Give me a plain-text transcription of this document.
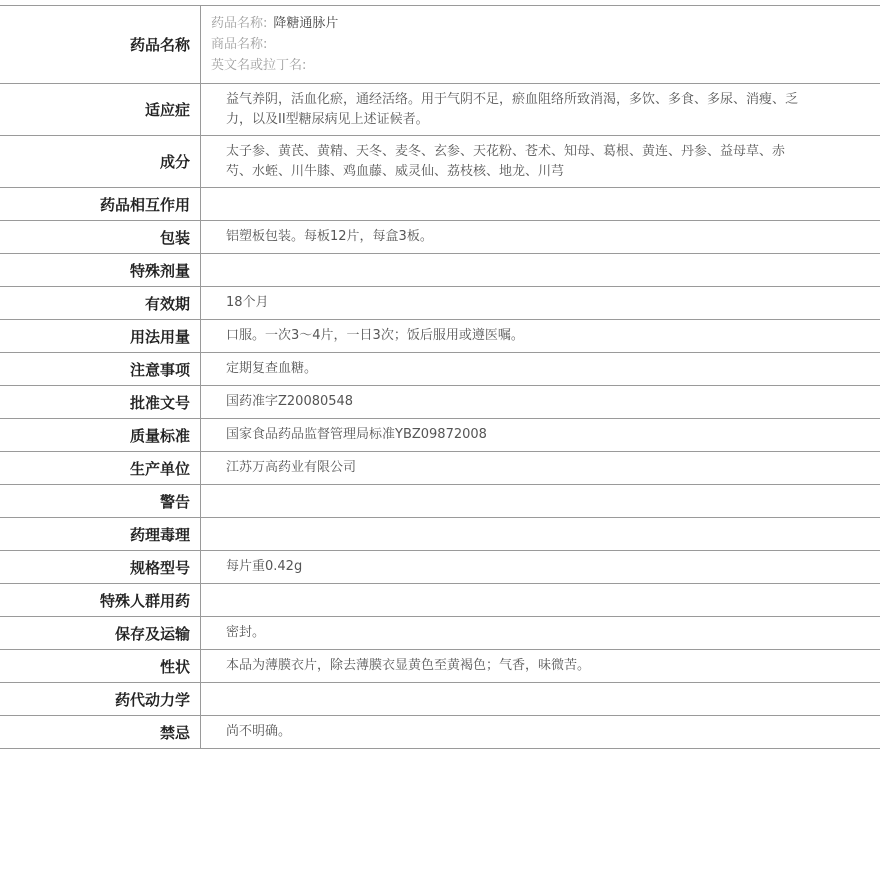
药品名称	药品名称: 降糖通脉片
商品名称:
英文名或拉丁名:

适应症	益气养阴，活血化瘀，通经活络。用于气阴不足，瘀血阻络所致消渴，多饮、多食、多尿、消瘦、乏力，以及II型糖尿病见上述证候者。
成分	太子参、黄芪、黄精、天冬、麦冬、玄参、天花粉、苍术、知母、葛根、黄连、丹参、益母草、赤芍、水蛭、川牛膝、鸡血藤、威灵仙、荔枝核、地龙、川芎
药品相互作用	
包装	铝塑板包装。每板12片，每盒3板。
特殊剂量	
有效期	18个月
用法用量	口服。一次3～4片，一日3次；饭后服用或遵医嘱。
注意事项	定期复查血糖。
批准文号	国药准字Z20080548
质量标准	国家食品药品监督管理局标准YBZ09872008
生产单位	江苏万高药业有限公司
警告	
药理毒理	
规格型号	每片重0.42g
特殊人群用药	
保存及运输	密封。
性状	本品为薄膜衣片，除去薄膜衣显黄色至黄褐色；气香，味微苦。
药代动力学	
禁忌	尚不明确。
